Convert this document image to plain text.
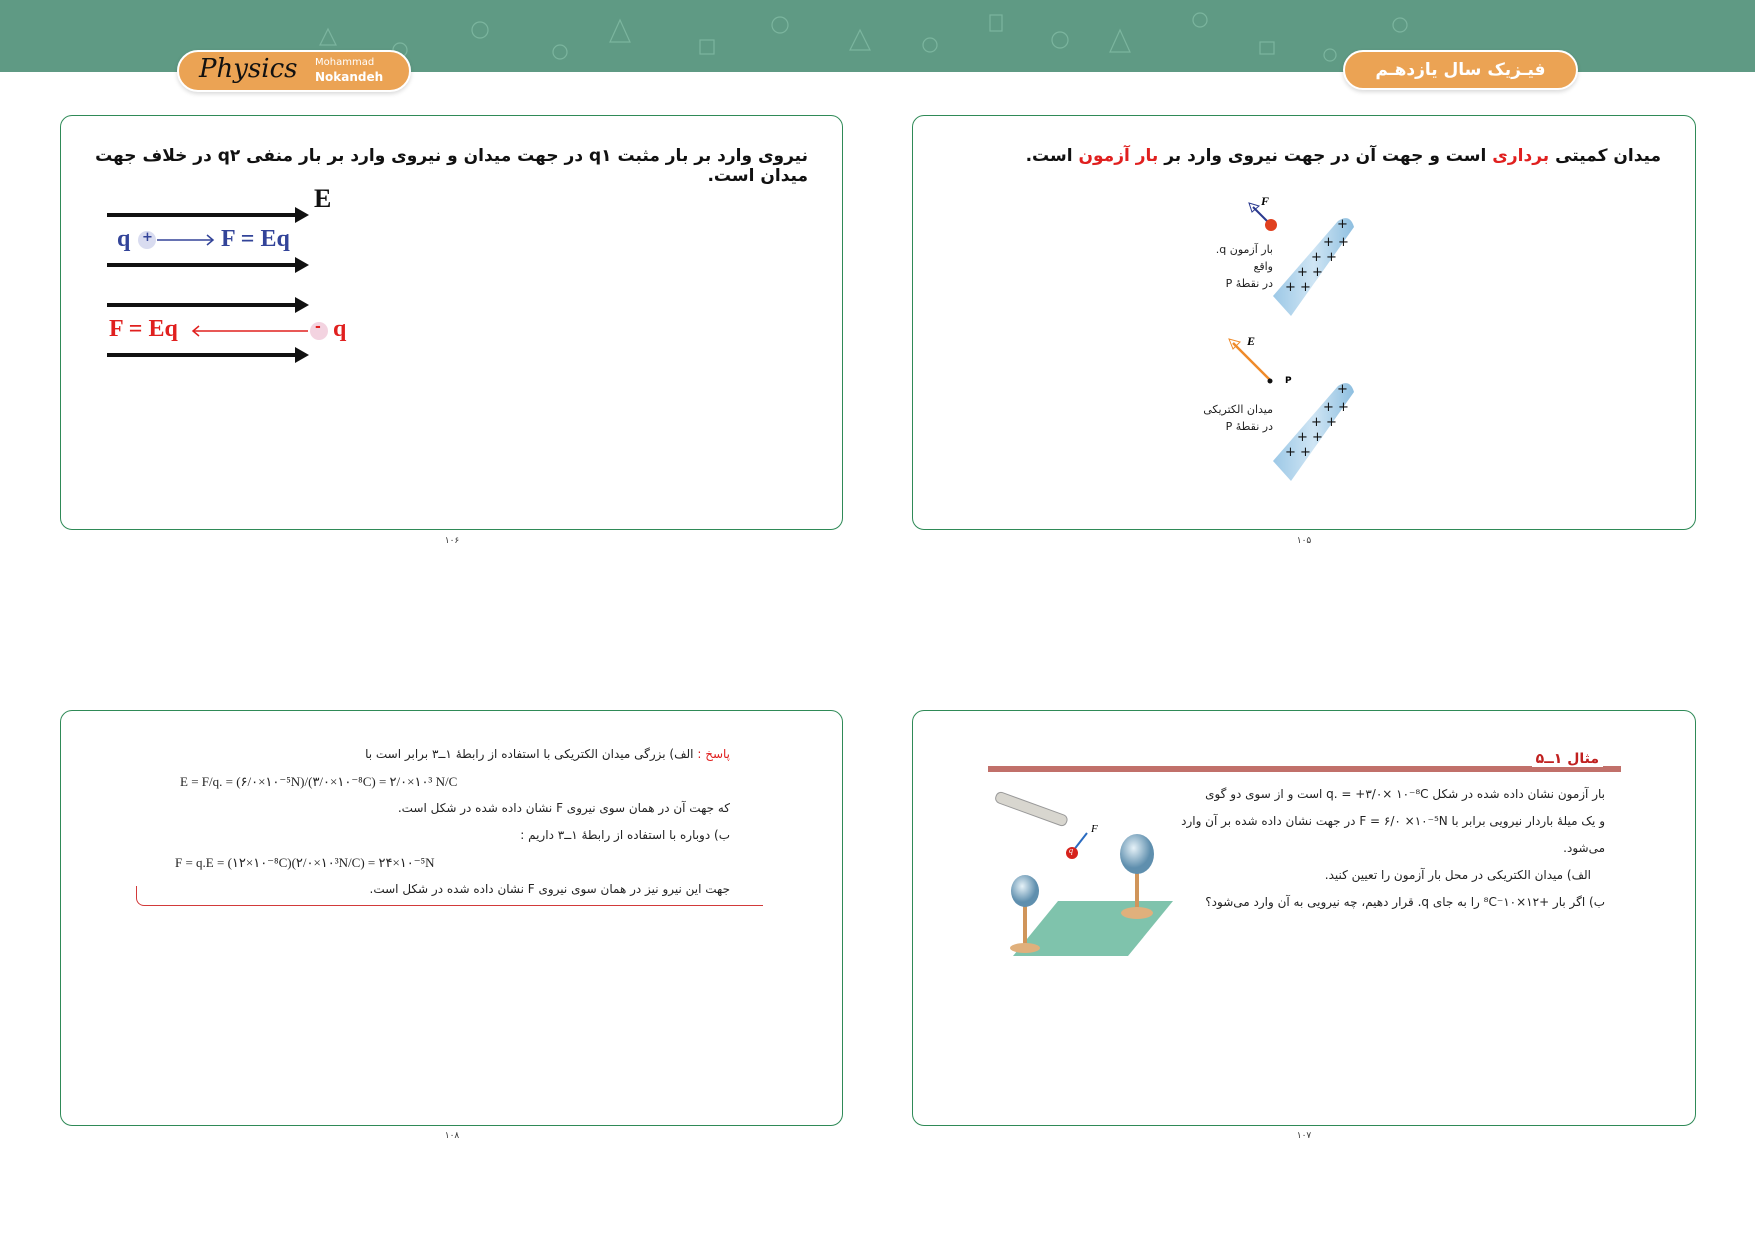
Physics Mohammad
Nokandeh	فیـزیک سال یازدهـم
نیروی وارد بر بار مثبت q۱ در جهت میدان و نیروی وارد بر بار منفی q۲ در خلاف جهت میدان است.
E
q +	F = Eq
F = Eq	- q
۱۰۶
میدان کمیتی برداری است و جهت آن در جهت نیروی وارد بر بار آزمون است.
+ +
+ +
+ +
+ +
+
+ +
+ +
+ +
+ +
+
F
بار آزمون q. واقع
در نقطهٔ P
E
P
میدان الکتریکی
در نقطهٔ P
۱۰۵
پاسخ : الف) بزرگی میدان الکتریکی با استفاده از رابطهٔ ۱ــ۳ برابر است با
E = F/q. = (۶/۰×۱۰⁻⁵N)/(۳/۰×۱۰⁻⁸C) = ۲/۰×۱۰³ N/C
که جهت آن در همان سوی نیروی F نشان داده شده در شکل است.
ب) دوباره با استفاده از رابطهٔ ۱ــ۳ داریم :
F = q.E = (۱۲×۱۰⁻⁸C)(۲/۰×۱۰³N/C) = ۲۴×۱۰⁻⁵N
جهت این نیرو نیز در همان سوی نیروی F نشان داده شده در شکل است.
۱۰۸
مثال ۱ــ۵
بار آزمون نشان داده شده در شکل q. = +۳/۰× ۱۰⁻⁸C است و از سوی دو گوی
و یک میلهٔ باردار نیرویی برابر با F = ۶/۰ ×۱۰⁻⁵N در جهت نشان داده شده بر آن وارد
می‌شود.
الف) میدان الکتریکی در محل بار آزمون را تعیین کنید.
ب) اگر بار +۱۲×۱۰⁻⁸C را به جای q. قرار دهیم، چه نیرویی به آن وارد می‌شود؟
F
q
۱۰۷
